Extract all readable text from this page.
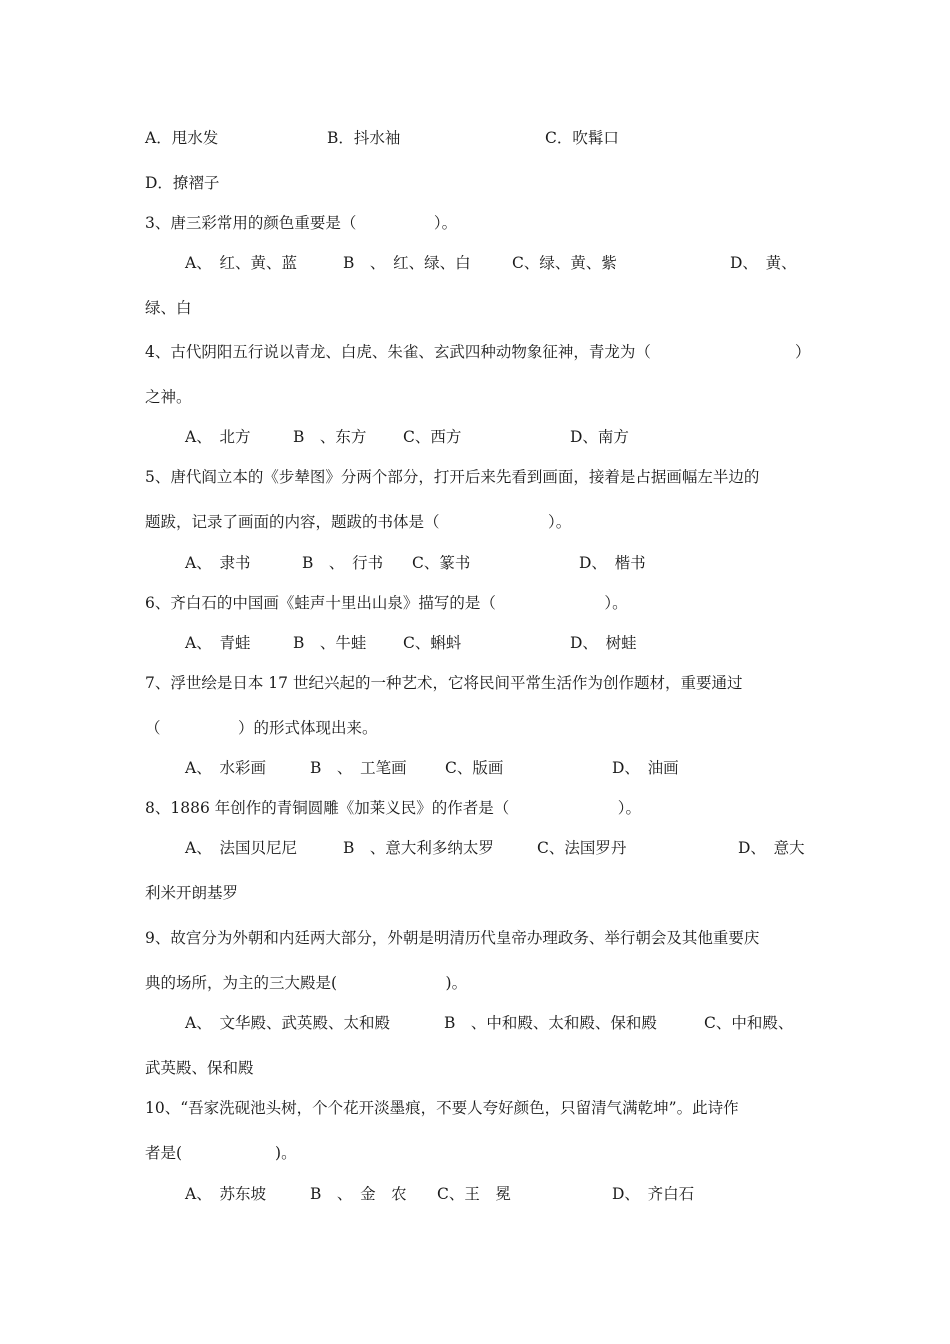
A．甩水发

	B．抖水袖

	C．吹髯口

D．撩褶子

3、唐三彩常用的颜色重要是（　　　　　）。

A、　红、黄、蓝

	B　、　红、绿、白

	C、绿、黄、紫

	D、　黄、

绿、白

4、古代阴阳五行说以青龙、白虎、朱雀、玄武四种动物象征神，青龙为（

	）

之神。

A、　北方

	B　、东方

C、西方

	D、南方

5、唐代阎立本的《步辇图》分两个部分，打开后来先看到画面，接着是占据画幅左半边的

题跋，记录了画面的内容，题跋的书体是（　　　　　　　）。

A、　隶书

	B　、　行书

C、篆书

	D、　楷书

6、齐白石的中国画《蛙声十里出山泉》描写的是（　　　　　　　）。

A、　青蛙

	B　、牛蛙

C、蝌蚪

	D、　树蛙

7、浮世绘是日本 17 世纪兴起的一种艺术，它将民间平常生活作为创作题材，重要通过

（　　　　　）的形式体现出来。

A、　水彩画

	B　、　工笔画

C、版画

	D、　油画

8、1886 年创作的青铜圆雕《加莱义民》的作者是（　　　　　　　）。

A、　法国贝尼尼

	B　、意大利多纳太罗

	C、法国罗丹

	D、　意大

利米开朗基罗

9、故宫分为外朝和内廷两大部分，外朝是明清历代皇帝办理政务、举行朝会及其他重要庆

典的场所，为主的三大殿是(　　　　　　　)。

A、　文华殿、武英殿、太和殿

	B　、中和殿、太和殿、保和殿

	C、中和殿、

武英殿、保和殿

10、“吾家洗砚池头树，个个花开淡墨痕，不要人夸好颜色，只留清气满乾坤”。此诗作

者是(　　　　　　)。

A、　苏东坡

	B　、　金　农

C、王　冕

	D、　齐白石
